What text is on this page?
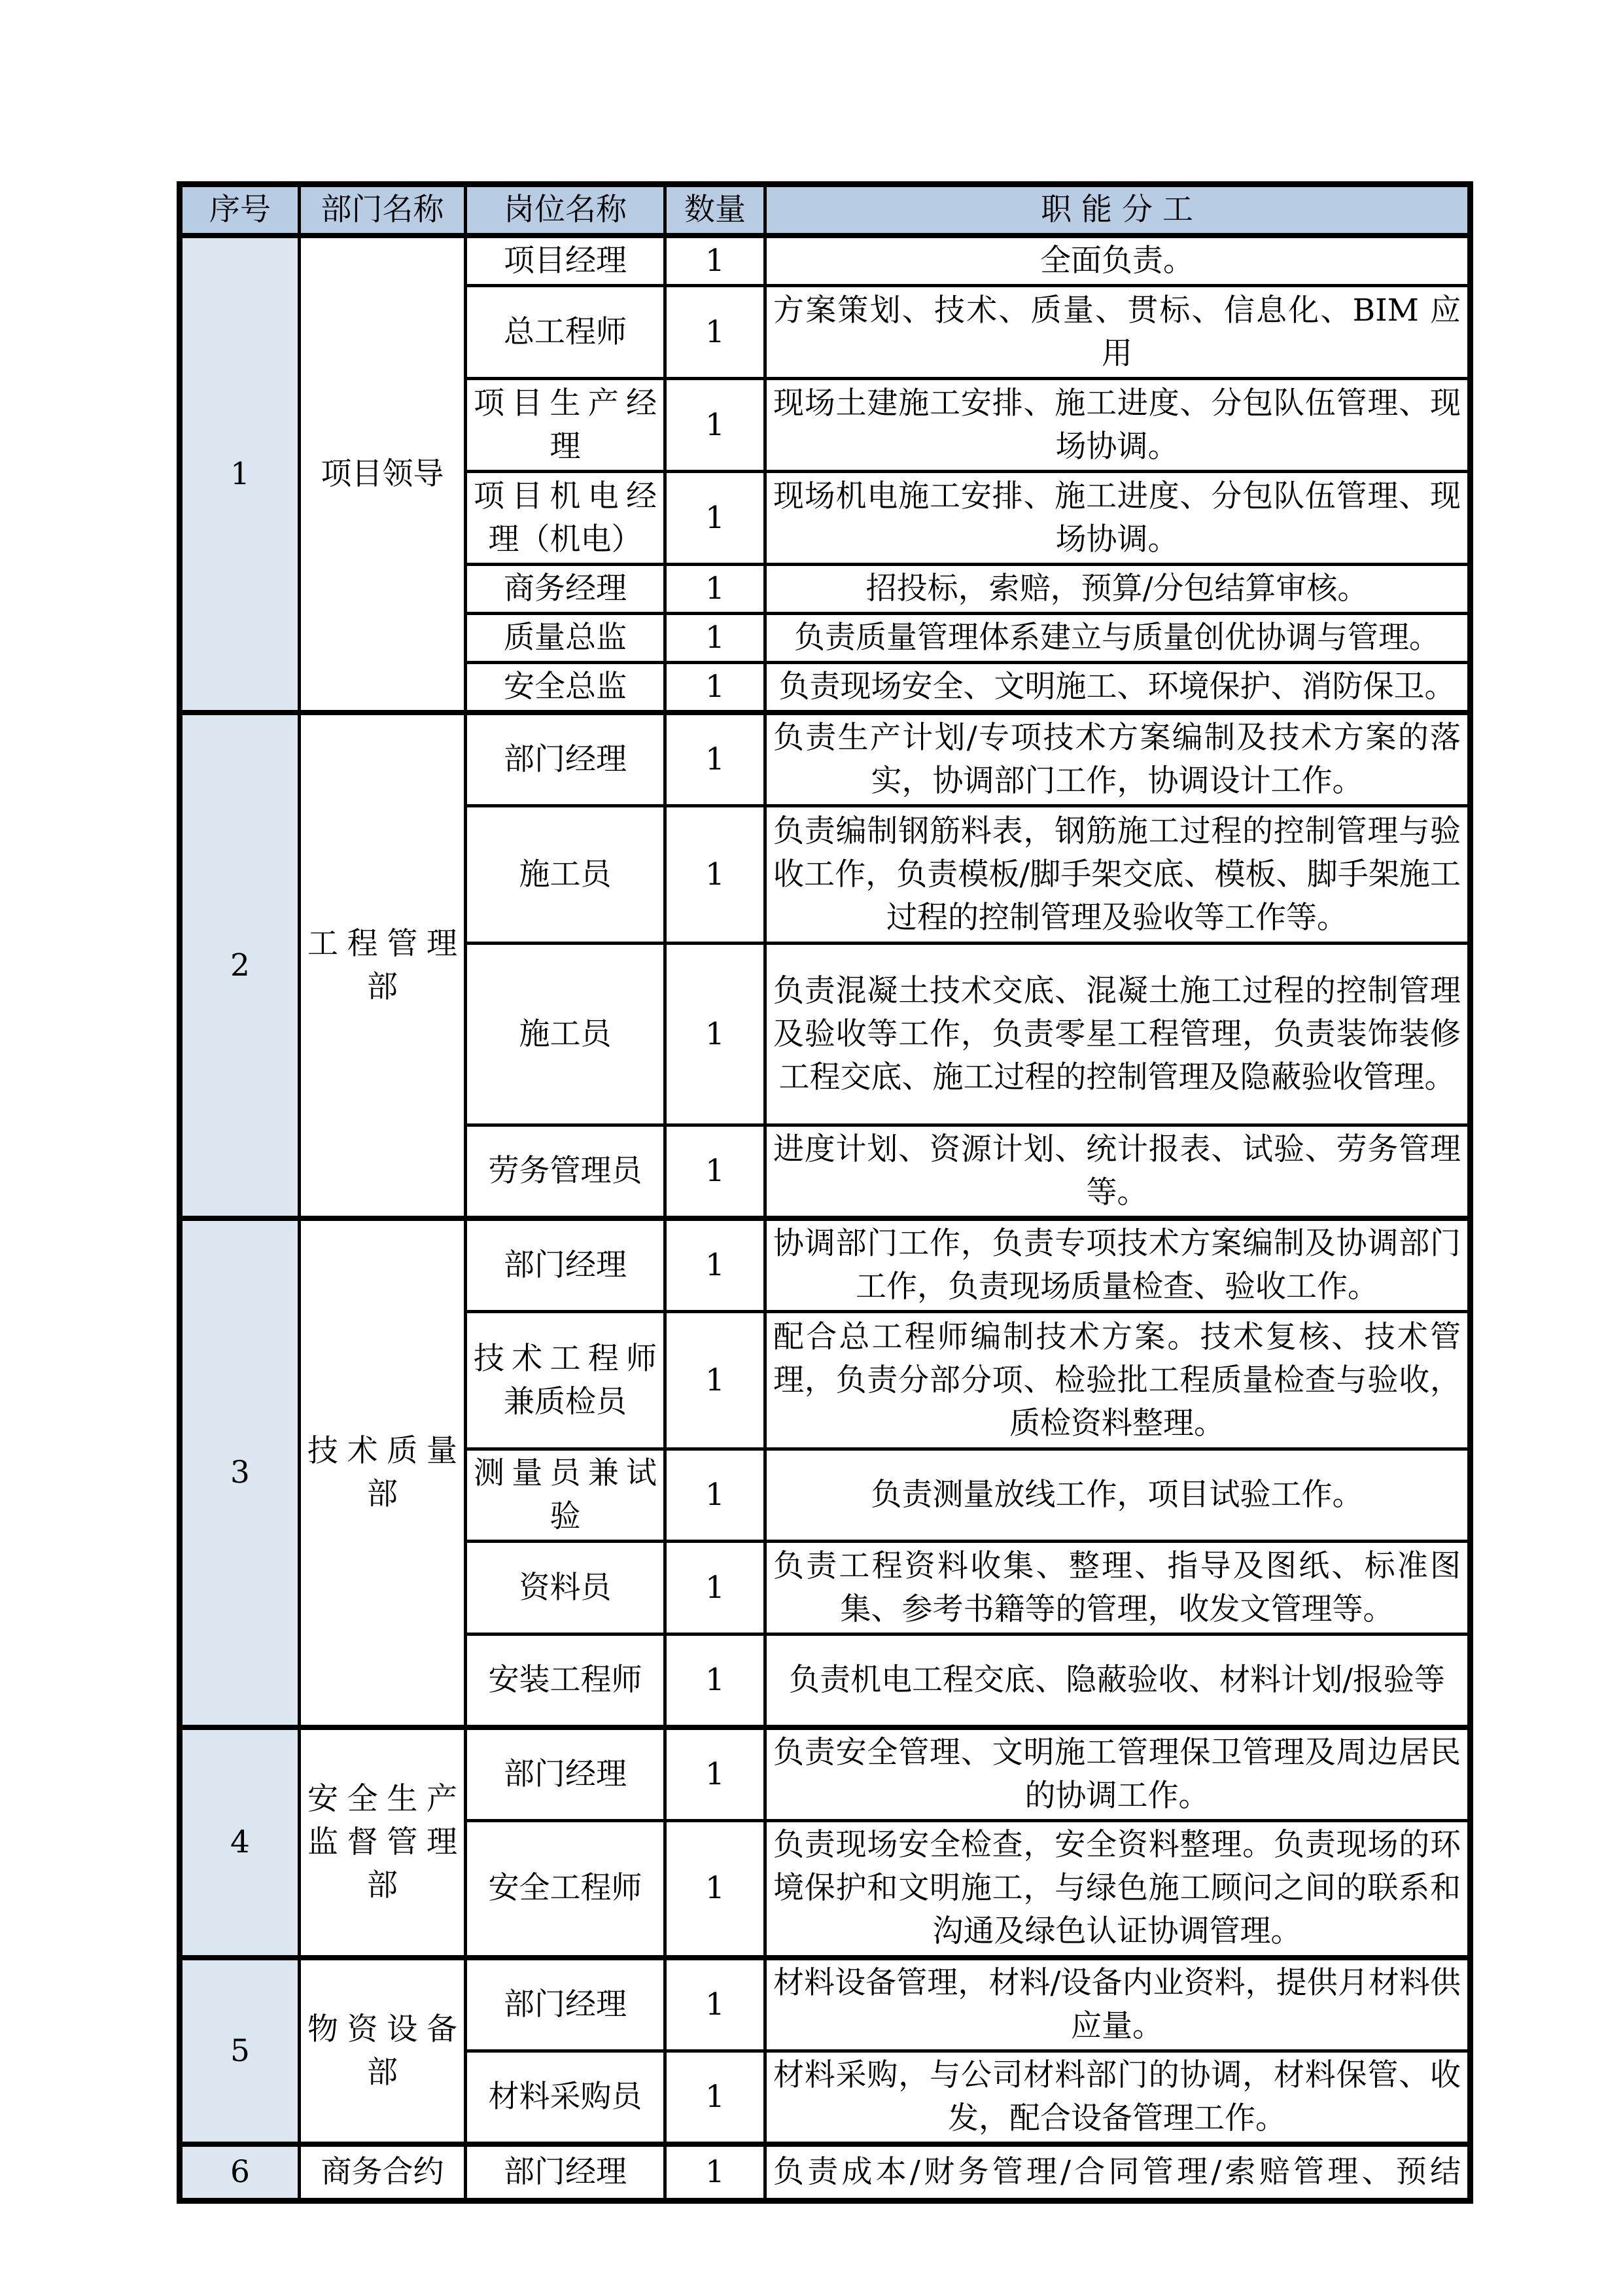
序号	部门名称	岗位名称	数量	职 能 分 工
1	项目领导	项目经理	1	全面负责。
		总工程师	1	方案策划、技术、质量、贯标、信息化、BIM 应用
		项目生产经理	1	现场土建施工安排、施工进度、分包队伍管理、现场协调。
		项目机电经理（机电）	1	现场机电施工安排、施工进度、分包队伍管理、现场协调。
		商务经理	1	招投标，索赔，预算/分包结算审核。
		质量总监	1	负责质量管理体系建立与质量创优协调与管理。
		安全总监	1	负责现场安全、文明施工、环境保护、消防保卫。
2	工程管理部	部门经理	1	负责生产计划/专项技术方案编制及技术方案的落实，协调部门工作，协调设计工作。
		施工员	1	负责编制钢筋料表，钢筋施工过程的控制管理与验收工作，负责模板/脚手架交底、模板、脚手架施工过程的控制管理及验收等工作等。
		施工员	1	负责混凝土技术交底、混凝土施工过程的控制管理及验收等工作，负责零星工程管理，负责装饰装修工程交底、施工过程的控制管理及隐蔽验收管理。
		劳务管理员	1	进度计划、资源计划、统计报表、试验、劳务管理等。
3	技术质量部	部门经理	1	协调部门工作，负责专项技术方案编制及协调部门工作，负责现场质量检查、验收工作。
		技术工程师兼质检员	1	配合总工程师编制技术方案。技术复核、技术管理，负责分部分项、检验批工程质量检查与验收，质检资料整理。
		测量员兼试验	1	负责测量放线工作，项目试验工作。
		资料员	1	负责工程资料收集、整理、指导及图纸、标准图集、参考书籍等的管理，收发文管理等。
		安装工程师	1	负责机电工程交底、隐蔽验收、材料计划/报验等
4	安全生产监督管理部	部门经理	1	负责安全管理、文明施工管理保卫管理及周边居民的协调工作。
		安全工程师	1	负责现场安全检查，安全资料整理。负责现场的环境保护和文明施工，与绿色施工顾问之间的联系和沟通及绿色认证协调管理。
5	物资设备部	部门经理	1	材料设备管理，材料/设备内业资料，提供月材料供应量。
		材料采购员	1	材料采购，与公司材料部门的协调，材料保管、收发，配合设备管理工作。
6	商务合约	部门经理	1	负责成本/财务管理/合同管理/索赔管理、预结
